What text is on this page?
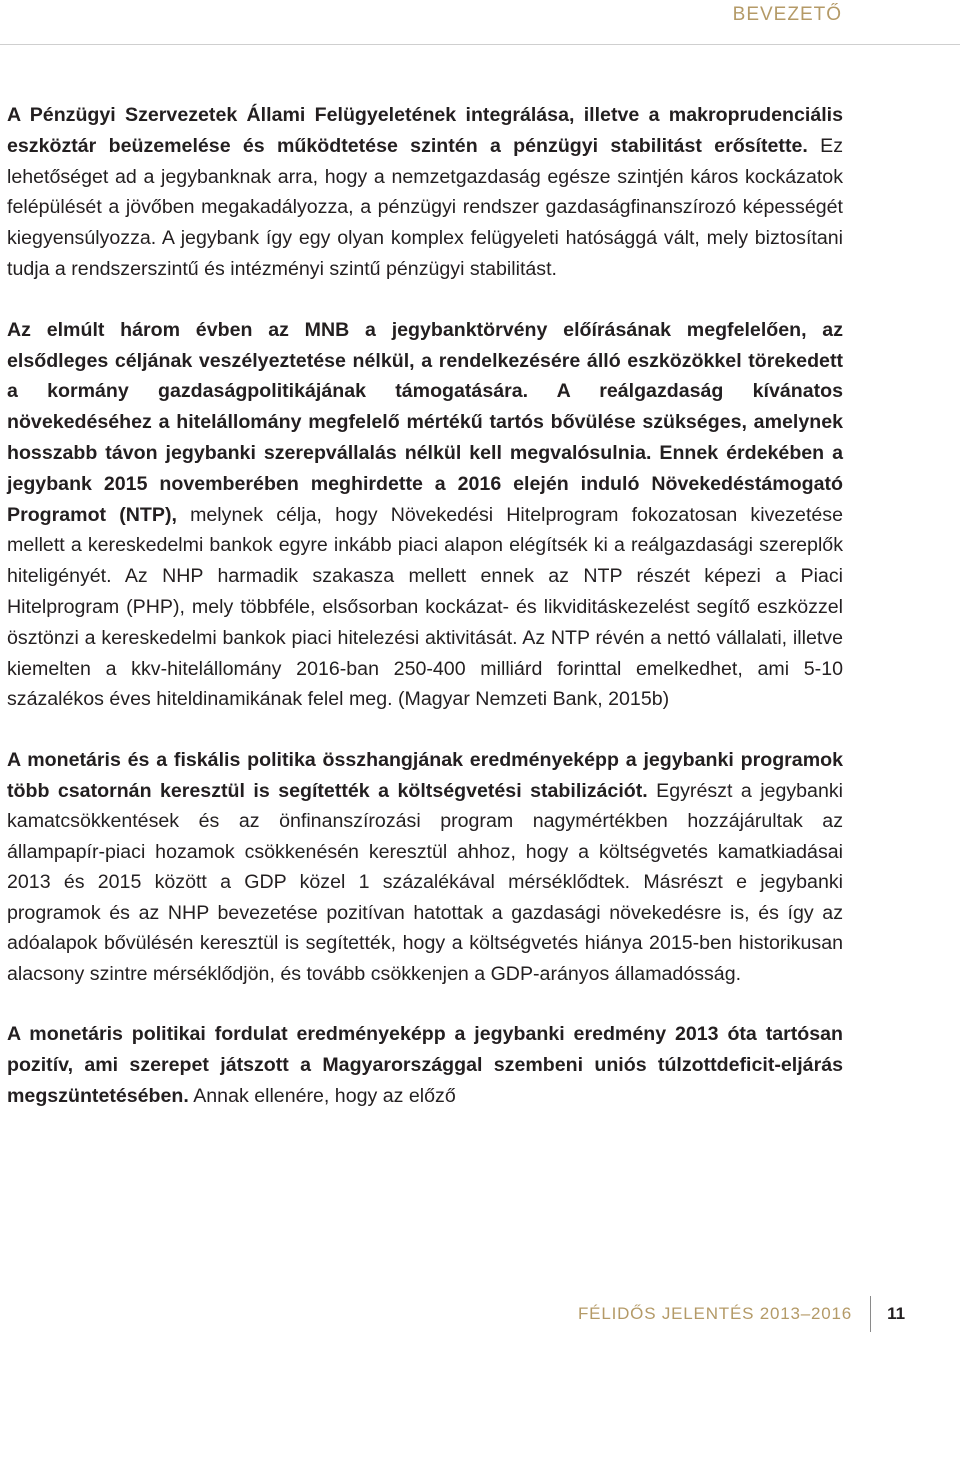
BEVEZETŐ

A Pénzügyi Szervezetek Állami Felügyeletének integrálása, illetve a makroprudenciális eszköztár beüzemelése és működtetése szintén a pénzügyi stabilitást erősítette. Ez lehetőséget ad a jegybanknak arra, hogy a nemzetgazdaság egésze szintjén káros kockázatok felépülését a jövőben megakadályozza, a pénzügyi rendszer gazdaságfinanszírozó képességét kiegyensúlyozza. A jegybank így egy olyan komplex felügyeleti hatósággá vált, mely biztosítani tudja a rendszerszintű és intézményi szintű pénzügyi stabilitást.

Az elmúlt három évben az MNB a jegybanktörvény előírásának megfelelően, az elsődleges céljának veszélyeztetése nélkül, a rendelkezésére álló eszközökkel törekedett a kormány gazdaságpolitikájának támogatására. A reálgazdaság kívánatos növekedéséhez a hitelállomány megfelelő mértékű tartós bővülése szükséges, amelynek hosszabb távon jegybanki szerepvállalás nélkül kell megvalósulnia. Ennek érdekében a jegybank 2015 novemberében meghirdette a 2016 elején induló Növekedéstámogató Programot (NTP), melynek célja, hogy Növekedési Hitelprogram fokozatosan kivezetése mellett a kereskedelmi bankok egyre inkább piaci alapon elégítsék ki a reálgazdasági szereplők hiteligényét. Az NHP harmadik szakasza mellett ennek az NTP részét képezi a Piaci Hitelprogram (PHP), mely többféle, elsősorban kockázat- és likviditáskezelést segítő eszközzel ösztönzi a kereskedelmi bankok piaci hitelezési aktivitását. Az NTP révén a nettó vállalati, illetve kiemelten a kkv-hitelállomány 2016-ban 250-400 milliárd forinttal emelkedhet, ami 5-10 százalékos éves hiteldinamikának felel meg. (Magyar Nemzeti Bank, 2015b)

A monetáris és a fiskális politika összhangjának eredményeképp a jegybanki programok több csatornán keresztül is segítették a költségvetési stabilizációt. Egyrészt a jegybanki kamatcsökkentések és az önfinanszírozási program nagymértékben hozzájárultak az állampapír-piaci hozamok csökkenésén keresztül ahhoz, hogy a költségvetés kamatkiadásai 2013 és 2015 között a GDP közel 1 százalékával mérséklődtek. Másrészt e jegybanki programok és az NHP bevezetése pozitívan hatottak a gazdasági növekedésre is, és így az adóalapok bővülésén keresztül is segítették, hogy a költségvetés hiánya 2015-ben historikusan alacsony szintre mérséklődjön, és tovább csökkenjen a GDP-arányos államadósság.

A monetáris politikai fordulat eredményeképp a jegybanki eredmény 2013 óta tartósan pozitív, ami szerepet játszott a Magyarországgal szembeni uniós túlzottdeficit-eljárás megszüntetésében. Annak ellenére, hogy az előző

FÉLIDŐS JELENTÉS 2013–2016 11
